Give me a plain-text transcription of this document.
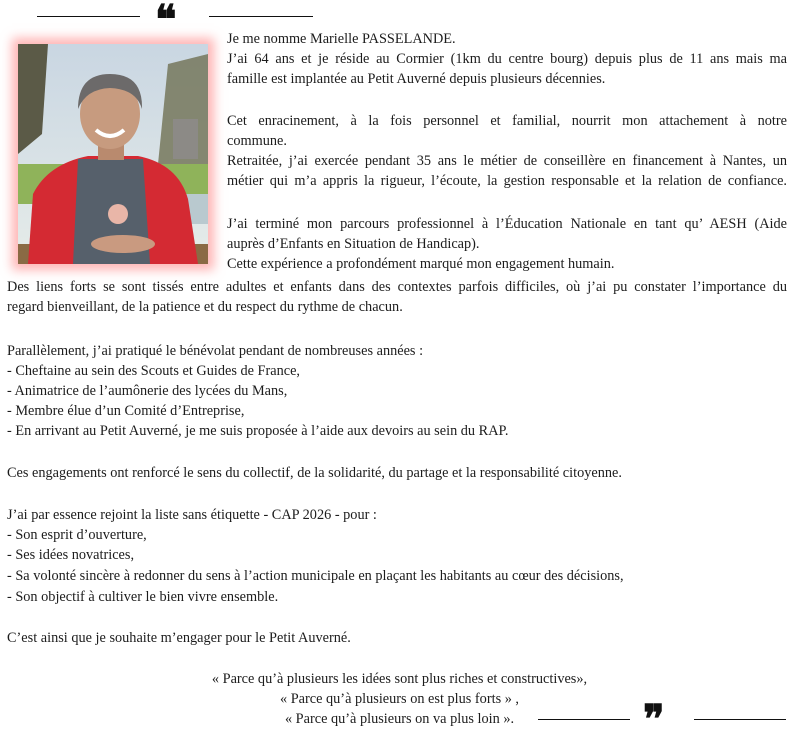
❝	Je me nomme Marielle PASSELANDE.
J’ai 64 ans et je réside au Cormier (1km du centre bourg) depuis plus de 11 ans mais ma
famille est implantée au Petit Auverné depuis plusieurs décennies.
Cet enracinement, à la fois personnel et familial, nourrit mon attachement à notre
commune.
Retraitée, j’ai exercée pendant 35 ans le métier de conseillère en financement à Nantes, un
métier qui m’a appris la rigueur, l’écoute, la gestion responsable et la relation de confiance.
J’ai terminé mon parcours professionnel à l’Éducation Nationale en tant qu’ AESH (Aide
auprès d’Enfants en Situation de Handicap).
Cette expérience a profondément marqué mon engagement humain.
Des liens forts se sont tissés entre adultes et enfants dans des contextes parfois difficiles, où j’ai pu constater l’importance du
regard bienveillant, de la patience et du respect du rythme de chacun.
Parallèlement, j’ai pratiqué le bénévolat pendant de nombreuses années :
- Cheftaine au sein des Scouts et Guides de France,
- Animatrice de l’aumônerie des lycées du Mans,
- Membre élue d’un Comité d’Entreprise,
- En arrivant au Petit Auverné, je me suis proposée à l’aide aux devoirs au sein du RAP.
Ces engagements ont renforcé le sens du collectif, de la solidarité, du partage et la responsabilité citoyenne.
J’ai par essence rejoint la liste sans étiquette - CAP 2026 - pour :
- Son esprit d’ouverture,
- Ses idées novatrices,
- Sa volonté sincère à redonner du sens à l’action municipale en plaçant les habitants au cœur des décisions,
- Son objectif à cultiver le bien vivre ensemble.
C’est ainsi que je souhaite m’engager pour le Petit Auverné.
« Parce qu’à plusieurs les idées sont plus riches et constructives»,
« Parce qu’à plusieurs on est plus forts » ,
« Parce qu’à plusieurs on va plus loin ».	❞
